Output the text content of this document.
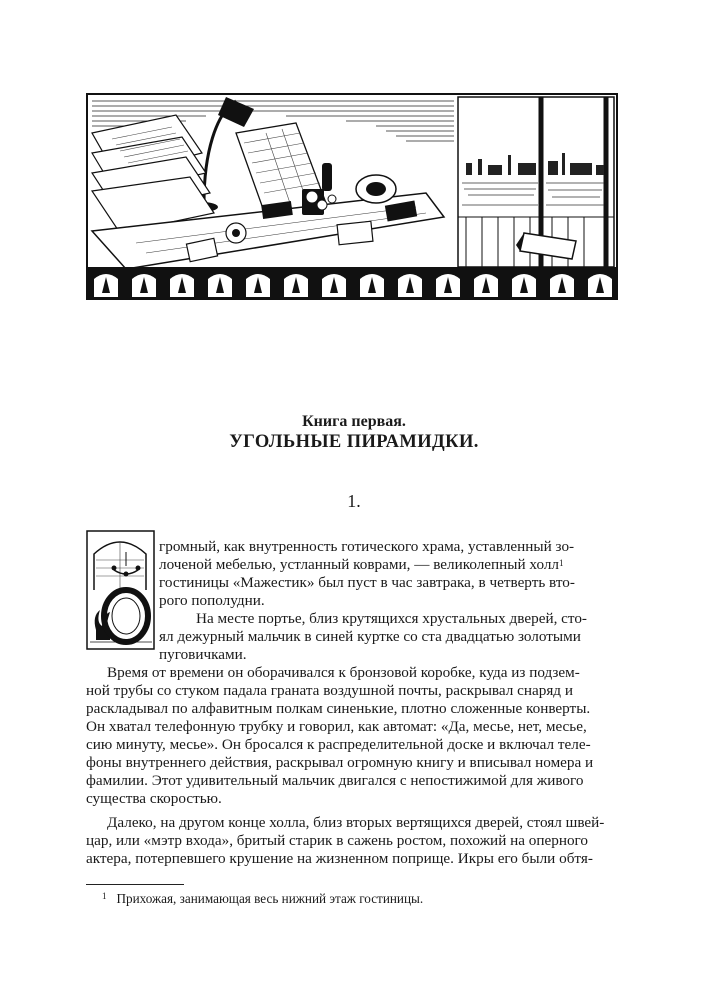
Книга первая.
УГОЛЬНЫЕ ПИРАМИДКИ.
1.
громный, как внутренность готического храма, уставленный зо-
лоченой мебелью, устланный коврами, — великолепный холл$^1$
гостиницы «Мажестик» был пуст в час завтрака, в четверть вто-
рого пополудни.
На месте портье, близ крутящихся хрустальных дверей, сто-
ял дежурный мальчик в синей куртке со ста двадцатью золотыми
пуговичками.
Время от времени он оборачивался к бронзовой коробке, куда из подзем-
ной трубы со стуком падала граната воздушной почты, раскрывал снаряд и
раскладывал по алфавитным полкам синенькие, плотно сложенные конверты.
Он хватал телефонную трубку и говорил, как автомат: «Да, месье, нет, месье,
сию минуту, месье». Он бросался к распределительной доске и включал теле-
фоны внутреннего действия, раскрывал огромную книгу и вписывал номера и
фамилии. Этот удивительный мальчик двигался с непостижимой для живого
существа скоростью.
Далеко, на другом конце холла, близ вторых вертящихся дверей, стоял швей-
цар, или «мэтр входа», бритый старик в сажень ростом, похожий на оперного
актера, потерпевшего крушение на жизненном поприще. Икры его были обтя-
$^1$ Прихожая, занимающая весь нижний этаж гостиницы.
